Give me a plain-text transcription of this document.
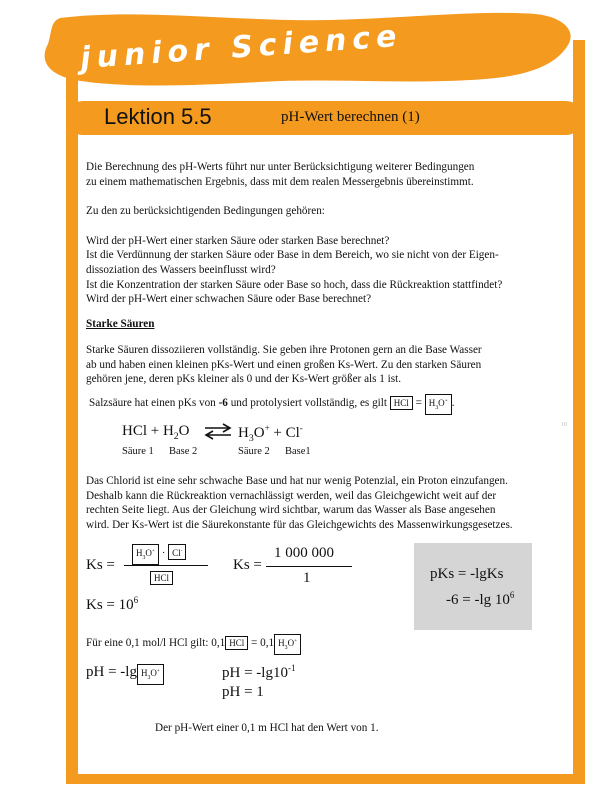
junior Science
Lektion 5.5	pH-Wert berechnen (1)
10

Die Berechnung des pH-Werts führt nur unter Berücksichtigung weiterer Bedingungen

zu einem mathematischen Ergebnis, dass mit dem realen Messergebnis übereinstimmt.

Zu den zu berücksichtigenden Bedingungen gehören:

Wird der pH-Wert einer starken Säure oder starken Base berechnet?

Ist die Verdünnung der starken Säure oder Base in dem Bereich, wo sie nicht von der Eigen-

dissoziation des Wassers beeinflusst wird?

Ist die Konzentration der starken Säure oder Base so hoch, dass die Rückreaktion stattfindet?

Wird der pH-Wert einer schwachen Säure oder Base berechnet?

Starke Säuren

Starke Säuren dissoziieren vollständig. Sie geben ihre Protonen gern an die Base Wasser

ab und haben einen kleinen pKs-Wert und einen großen Ks-Wert. Zu den starken Säuren

gehören jene, deren pKs kleiner als 0 und der Ks-Wert größer als 1 ist.

Salzsäure hat einen pKs von -6 und protolysiert vollständig, es gilt HCl = $H_3O^+$ .
HCl + $H_2O$ ⇌ $H_3O^+ + Cl^-$
Säure 1 Base 2	Säure 2 Base1

Das Chlorid ist eine sehr schwache Base und hat nur wenig Potenzial, ein Proton einzufangen.

Deshalb kann die Rückreaktion vernachlässigt werden, weil das Gleichgewicht weit auf der

rechten Seite liegt. Aus der Gleichung wird sichtbar, warum das Wasser als Base angesehen

wird. Der Ks-Wert ist die Säurekonstante für das Gleichgewichts des Massenwirkungsgesetzes.

Ks =
$H_3O^+ \cdot Cl^-$
HCl
Ks =
1 000 000
1
$Ks = 10^6$
pKs = -lgKs
-6 = -lg $10^6$
Für eine 0,1 mol/l HCl gilt: 0,1 HCl = 0,1 $H_3O^+$
pH = -lg $H_3O^+$	pH = $-\lg 10^{-1}$
pH = 1
Der pH-Wert einer 0,1 m HCl hat den Wert von 1.
